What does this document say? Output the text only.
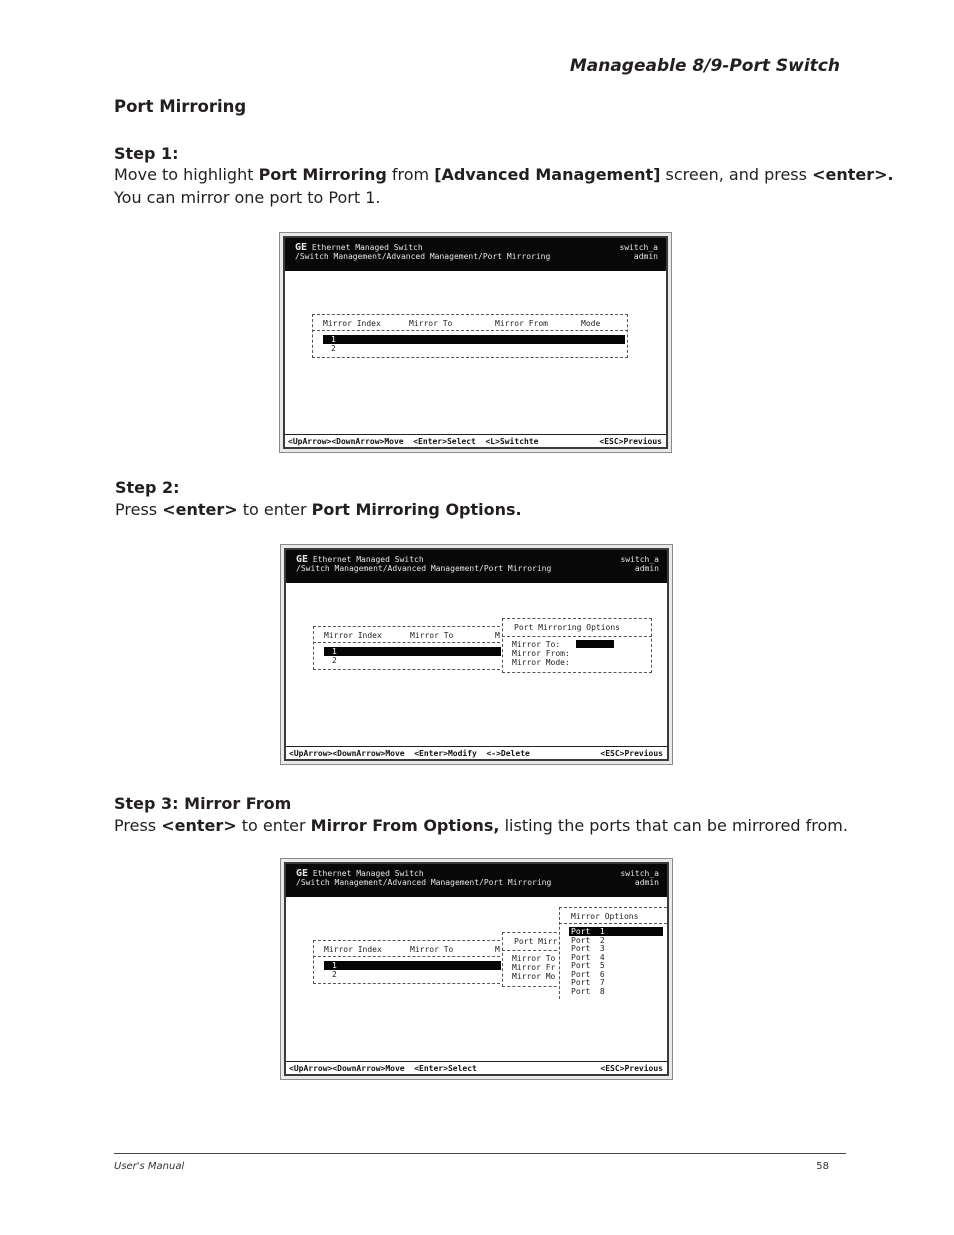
Manageable 8/9-Port Switch
Port Mirroring
Step 1:
Move to highlight Port Mirroring from [Advanced Management] screen, and press <enter>.
You can mirror one port to Port 1.
GE Ethernet Managed Switch	switch_a
/Switch Management/Advanced Management/Port Mirroring	admin
Mirror Index	Mirror To	Mirror From	Mode
1
2
<UpArrow><DownArrow>Move  <Enter>Select  <L>Switchte	<ESC>Previous
Step 2:
Press <enter> to enter Port Mirroring Options.
GE Ethernet Managed Switch	switch_a
/Switch Management/Advanced Management/Port Mirroring	admin
Mirror Index	Mirror To	M
1
2
Port Mirroring Options
Mirror To:
Mirror From:
Mirror Mode:
<UpArrow><DownArrow>Move  <Enter>Modify  <->Delete	<ESC>Previous
Step 3: Mirror From
Press <enter> to enter Mirror From Options, listing the ports that can be mirrored from.
GE Ethernet Managed Switch	switch_a
/Switch Management/Advanced Management/Port Mirroring	admin
Mirror Index	Mirror To	M
1
2
Port Mirr
Mirror To
Mirror Fr
Mirror Mo
Mirror Options
Port  1
Port  2
Port  3
Port  4
Port  5
Port  6
Port  7
Port  8
<UpArrow><DownArrow>Move  <Enter>Select	<ESC>Previous
User's Manual	58
